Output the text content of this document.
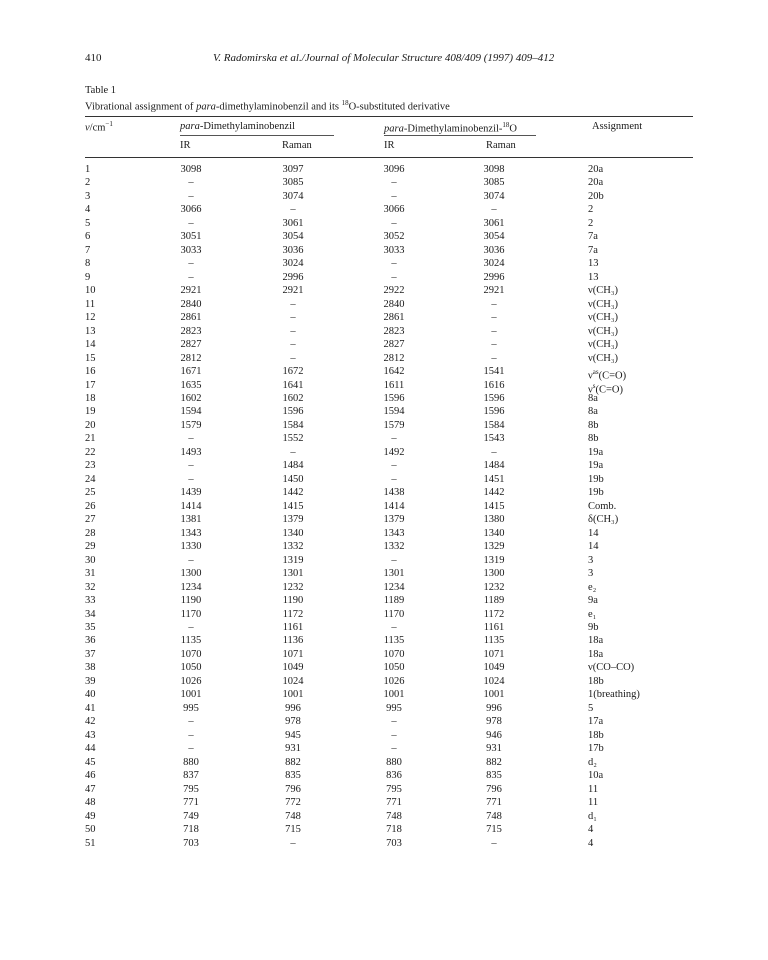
410	V. Radomirska et al./Journal of Molecular Structure 408/409 (1997) 409–412
Table 1
Vibrational assignment of para-dimethylaminobenzil and its $^{18}$O-substituted derivative
$\nu/cm^{-1}$	para-Dimethylaminobenzil	para-Dimethylaminobenzil-$^{18}$O	Assignment
IR	Raman	IR	Raman
1	3098	3097	3096	3098	20a
2	–	3085	–	3085	20a
3	–	3074	–	3074	20b
4	3066	–	3066	–	2
5	–	3061	–	3061	2
6	3051	3054	3052	3054	7a
7	3033	3036	3033	3036	7a
8	–	3024	–	3024	13
9	–	2996	–	2996	13
10	2921	2921	2922	2921	ν(CH₃)
11	2840	–	2840	–	ν(CH₃)
12	2861	–	2861	–	ν(CH₃)
13	2823	–	2823	–	ν(CH₃)
14	2827	–	2827	–	ν(CH₃)
15	2812	–	2812	–	ν(CH₃)
16	1671	1672	1642	1541	$\nu^{as}(C=O)$
17	1635	1641	1611	1616	$\nu^s(C=O)$
18	1602	1602	1596	1596	8a
19	1594	1596	1594	1596	8a
20	1579	1584	1579	1584	8b
21	–	1552	–	1543	8b
22	1493	–	1492	–	19a
23	–	1484	–	1484	19a
24	–	1450	–	1451	19b
25	1439	1442	1438	1442	19b
26	1414	1415	1414	1415	Comb.
27	1381	1379	1379	1380	δ(CH₃)
28	1343	1340	1343	1340	14
29	1330	1332	1332	1329	14
30	–	1319	–	1319	3
31	1300	1301	1301	1300	3
32	1234	1232	1234	1232	e₂
33	1190	1190	1189	1189	9a
34	1170	1172	1170	1172	e₁
35	–	1161	–	1161	9b
36	1135	1136	1135	1135	18a
37	1070	1071	1070	1071	18a
38	1050	1049	1050	1049	ν(CO–CO)
39	1026	1024	1026	1024	18b
40	1001	1001	1001	1001	1(breathing)
41	995	996	995	996	5
42	–	978	–	978	17a
43	–	945	–	946	18b
44	–	931	–	931	17b
45	880	882	880	882	d₂
46	837	835	836	835	10a
47	795	796	795	796	11
48	771	772	771	771	11
49	749	748	748	748	d₁
50	718	715	718	715	4
51	703	–	703	–	4
